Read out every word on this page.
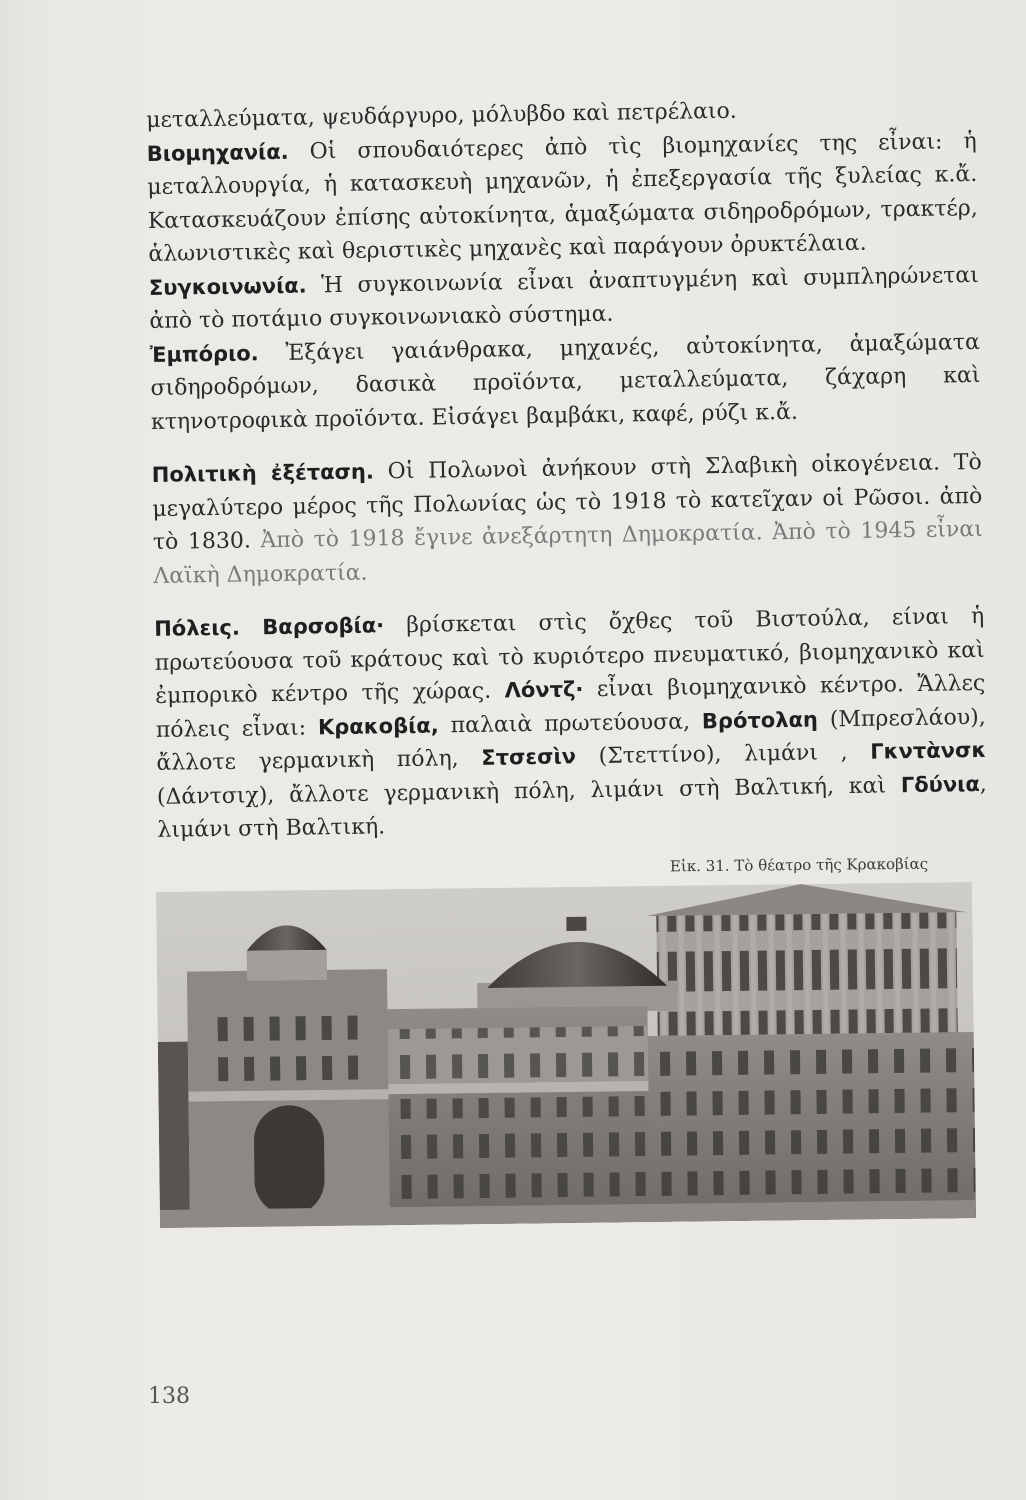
μεταλλεύματα, ψευδάργυρο, μόλυβδο καὶ πετρέλαιο.

Βιομηχανία. Οἱ σπουδαιότερες ἀπὸ τὶς βιομηχανίες της εἶναι: ἡ μεταλλουργία, ἡ κατασκευὴ μηχανῶν, ἡ ἐπεξεργασία τῆς ξυλείας κ.ἄ. Κατασκευάζουν ἐπίσης αὐτοκίνητα, ἁμαξώματα σιδηροδρόμων, τρακτέρ, ἁλωνιστικὲς καὶ θεριστικὲς μηχανὲς καὶ παράγουν ὀρυκτέλαια.

Συγκοινωνία. Ἡ συγκοινωνία εἶναι ἀναπτυγμένη καὶ συμπληρώνεται ἀπὸ τὸ ποτάμιο συγκοινωνιακὸ σύστημα.

Ἐμπόριο. Ἐξάγει γαιάνθρακα, μηχανές, αὐτοκίνητα, ἁμαξώματα σιδηροδρόμων, δασικὰ προϊόντα, μεταλλεύματα, ζάχαρη καὶ κτηνοτροφικὰ προϊόντα. Εἰσάγει βαμβάκι, καφέ, ρύζι κ.ἄ.

Πολιτικὴ ἐξέταση. Οἱ Πολωνοὶ ἀνήκουν στὴ Σλαβικὴ οἰκογένεια. Τὸ μεγαλύτερο μέρος τῆς Πολωνίας ὡς τὸ 1918 τὸ κατεῖχαν οἱ Ρῶσοι. ἀπὸ τὸ 1830. Ἀπὸ τὸ 1918 ἔγινε ἀνεξάρτητη Δημοκρατία. Ἀπὸ τὸ 1945 εἶναι Λαϊκὴ Δημοκρατία.

Πόλεις. Βαρσοβία· βρίσκεται στὶς ὄχθες τοῦ Βιστούλα, είναι ἡ πρωτεύουσα τοῦ κράτους καὶ τὸ κυριότερο πνευματικό, βιομηχανικὸ καὶ ἐμπορικὸ κέντρο τῆς χώρας. Λόντζ· εἶναι βιομηχανικὸ κέντρο. Ἄλλες πόλεις εἶναι: Κρακοβία, παλαιὰ πρωτεύουσα, Βρότολαη (Μπρεσλάου), ἄλλοτε γερμανικὴ πόλη, Στσεσὶν (Στεττίνο), λιμάνι , Γκντὰνσκ (Δάντσιχ), ἄλλοτε γερμανικὴ πόλη, λιμάνι στὴ Βαλτική, καὶ Γδύνια, λιμάνι στὴ Βαλτική.

Εἰκ. 31. Τὸ θέατρο τῆς Κρακοβίας
138
